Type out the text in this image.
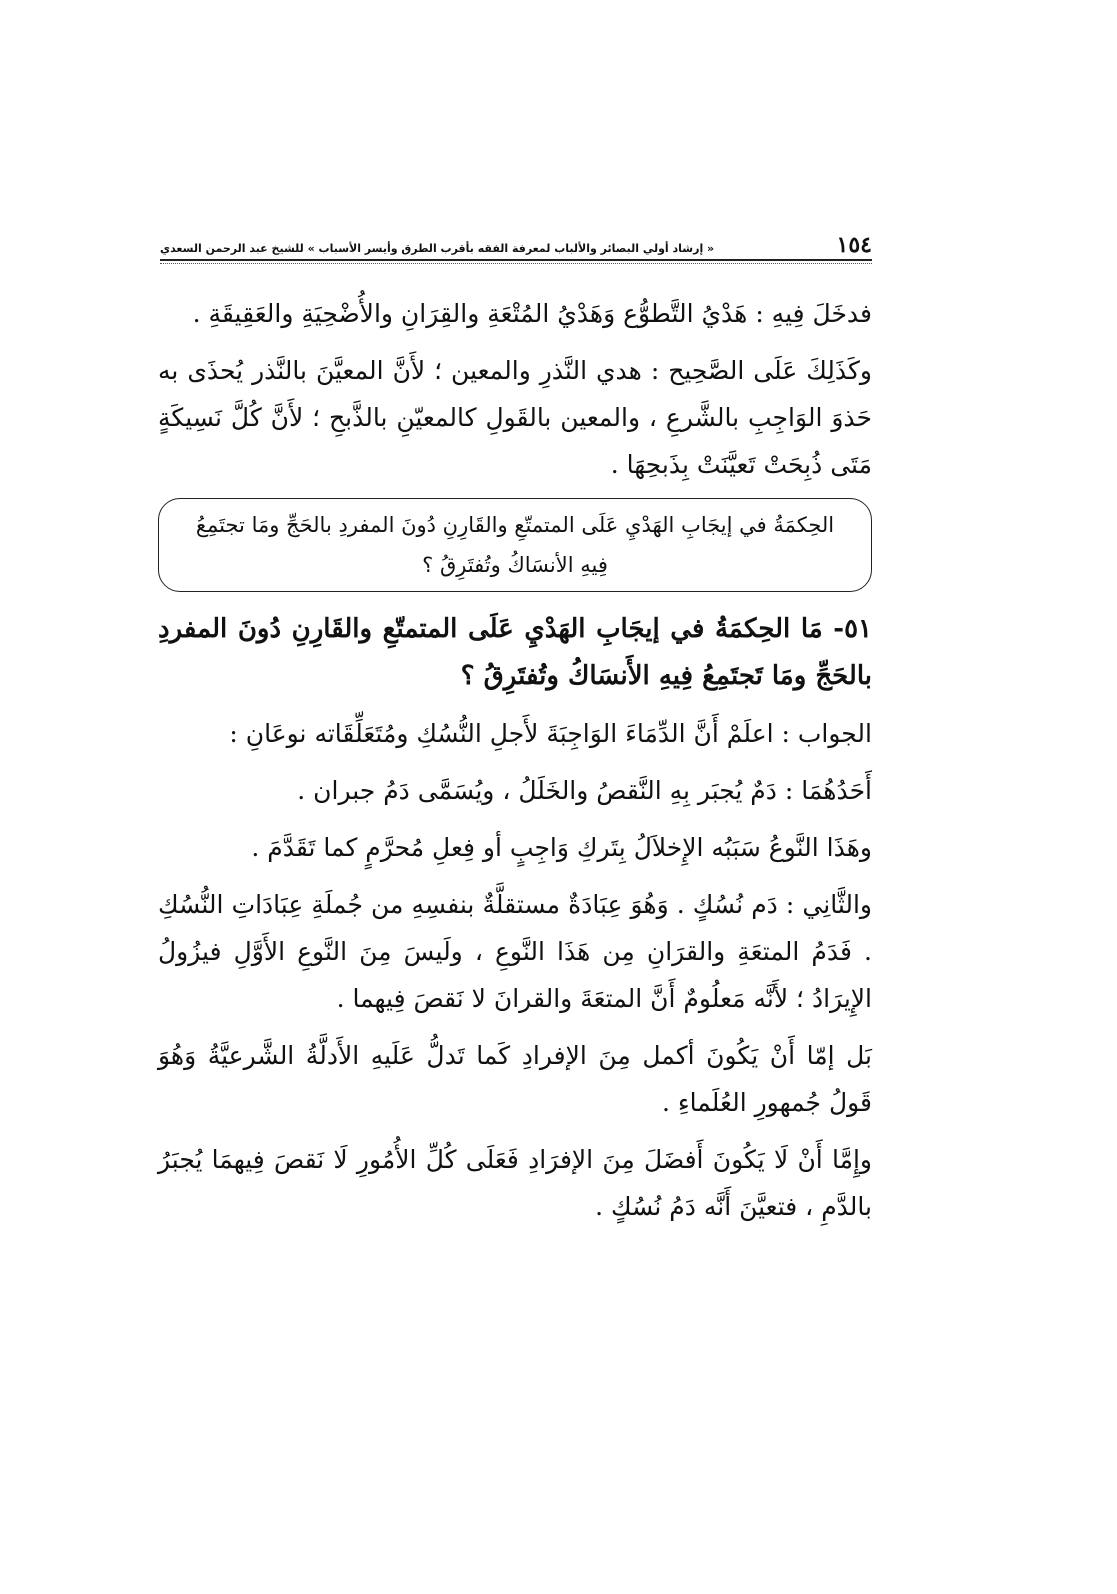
١٥٤
« إرشاد أولي البصائر والألباب لمعرفة الفقه بأقرب الطرق وأيسر الأسباب » للشيخ عبد الرحمن السعدي

فدخَلَ فِيهِ : هَدْيُ التَّطوُّع وَهَدْيُ المُتْعَةِ والقِرَانِ والأُضْحِيَةِ والعَقِيقَةِ .

وكَذَلِكَ عَلَى الصَّحِيح : هدي النَّذرِ والمعين ؛ لأَنَّ المعيَّنَ بالنَّذر يُحذَى به حَذوَ الوَاجِبِ بالشَّرعِ ، والمعين بالقَولِ كالمعيّنِ بالذَّبحِ ؛ لأَنَّ كُلَّ نَسِيكَةٍ مَتَى ذُبِحَتْ تَعيَّنَتْ بِذَبحِهَا .

الحِكمَةُ في إيجَابِ الهَدْيِ عَلَى المتمتّعِ والقَارِنِ دُونَ المفردِ بالحَجِّ ومَا تجتَمِعُ فِيهِ الأنسَاكُ وتُفتَرِقُ ؟

٥١- مَا الحِكمَةُ في إيجَابِ الهَدْيِ عَلَى المتمتّعِ والقَارِنِ دُونَ المفردِ بالحَجِّ ومَا تَجتَمِعُ فِيهِ الأَنسَاكُ وتُفتَرِقُ ؟

الجواب : اعلَمْ أَنَّ الدِّمَاءَ الوَاجِبَةَ لأَجلِ النُّسُكِ ومُتَعَلِّقَاته نوعَانِ :

أَحَدُهُمَا : دَمٌ يُجبَر بِهِ النَّقصُ والخَلَلُ ، ويُسَمَّى دَمُ جبران .

وهَذَا النَّوعُ سَبَبُه الإِخلاَلُ بِتَركِ وَاجِبٍ أو فِعلِ مُحرَّمٍ كما تَقَدَّمَ .

والثَّانِي : دَم نُسُكٍ . وَهُوَ عِبَادَةٌ مستقلَّةٌ بنفسِهِ من جُملَةِ عِبَادَاتِ النُّسُكِ . فَدَمُ المتعَةِ والقرَانِ مِن هَذَا النَّوعِ ، ولَيسَ مِنَ النَّوعِ الأَوَّلِ فيزُولُ الإِيرَادُ ؛ لأَنَّه مَعلُومٌ أَنَّ المتعَةَ والقرانَ لا نَقصَ فِيهما .

بَل إمّا أَنْ يَكُونَ أكمل مِنَ الإفرادِ كَما تَدلُّ عَلَيهِ الأَدلَّةُ الشَّرعيَّةُ وَهُوَ قَولُ جُمهورِ العُلَماءِ .

وإِمَّا أَنْ لَا يَكُونَ أَفضَلَ مِنَ الإفرَادِ فَعَلَى كُلِّ الأُمُورِ لَا نَقصَ فِيهمَا يُجبَرُ بالدَّمِ ، فتعيَّنَ أَنَّه دَمُ نُسُكٍ .
